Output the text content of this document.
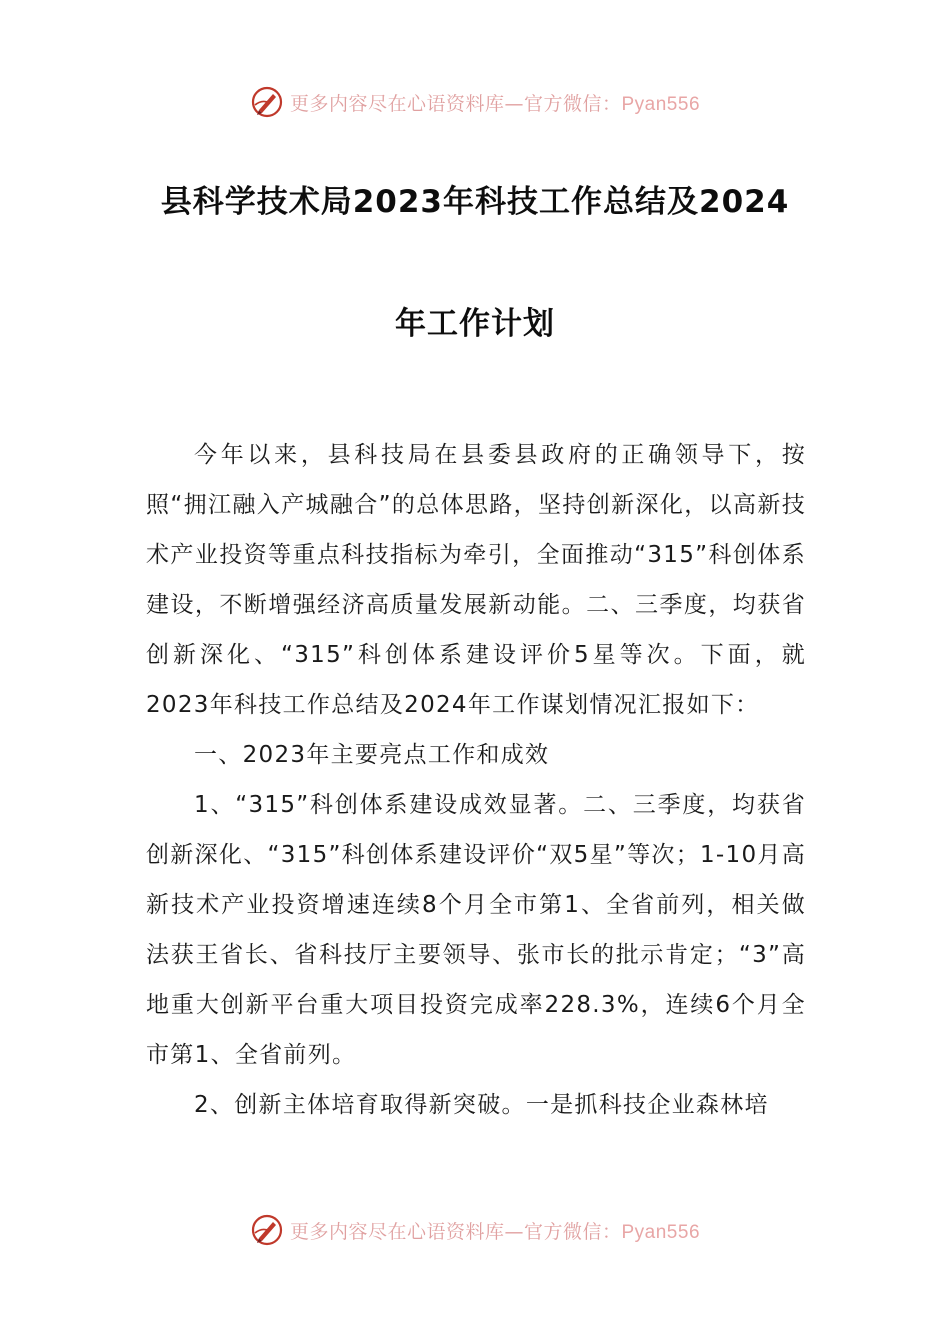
更多内容尽在心语资料库—官方微信：Pyan556
县科学技术局2023年科技工作总结及2024
年工作计划

今年以来，县科技局在县委县政府的正确领导下，按照“拥江融入产城融合”的总体思路，坚持创新深化，以高新技术产业投资等重点科技指标为牵引，全面推动“315”科创体系建设，不断增强经济高质量发展新动能。二、三季度，均获省创新深化、“315”科创体系建设评价5星等次。下面，就2023年科技工作总结及2024年工作谋划情况汇报如下：

一、2023年主要亮点工作和成效

1、“315”科创体系建设成效显著。二、三季度，均获省创新深化、“315”科创体系建设评价“双5星”等次；1-10月高新技术产业投资增速连续8个月全市第1、全省前列，相关做法获王省长、省科技厅主要领导、张市长的批示肯定；“3”高地重大创新平台重大项目投资完成率228.3%，连续6个月全市第1、全省前列。

2、创新主体培育取得新突破。一是抓科技企业森林培

更多内容尽在心语资料库—官方微信：Pyan556
